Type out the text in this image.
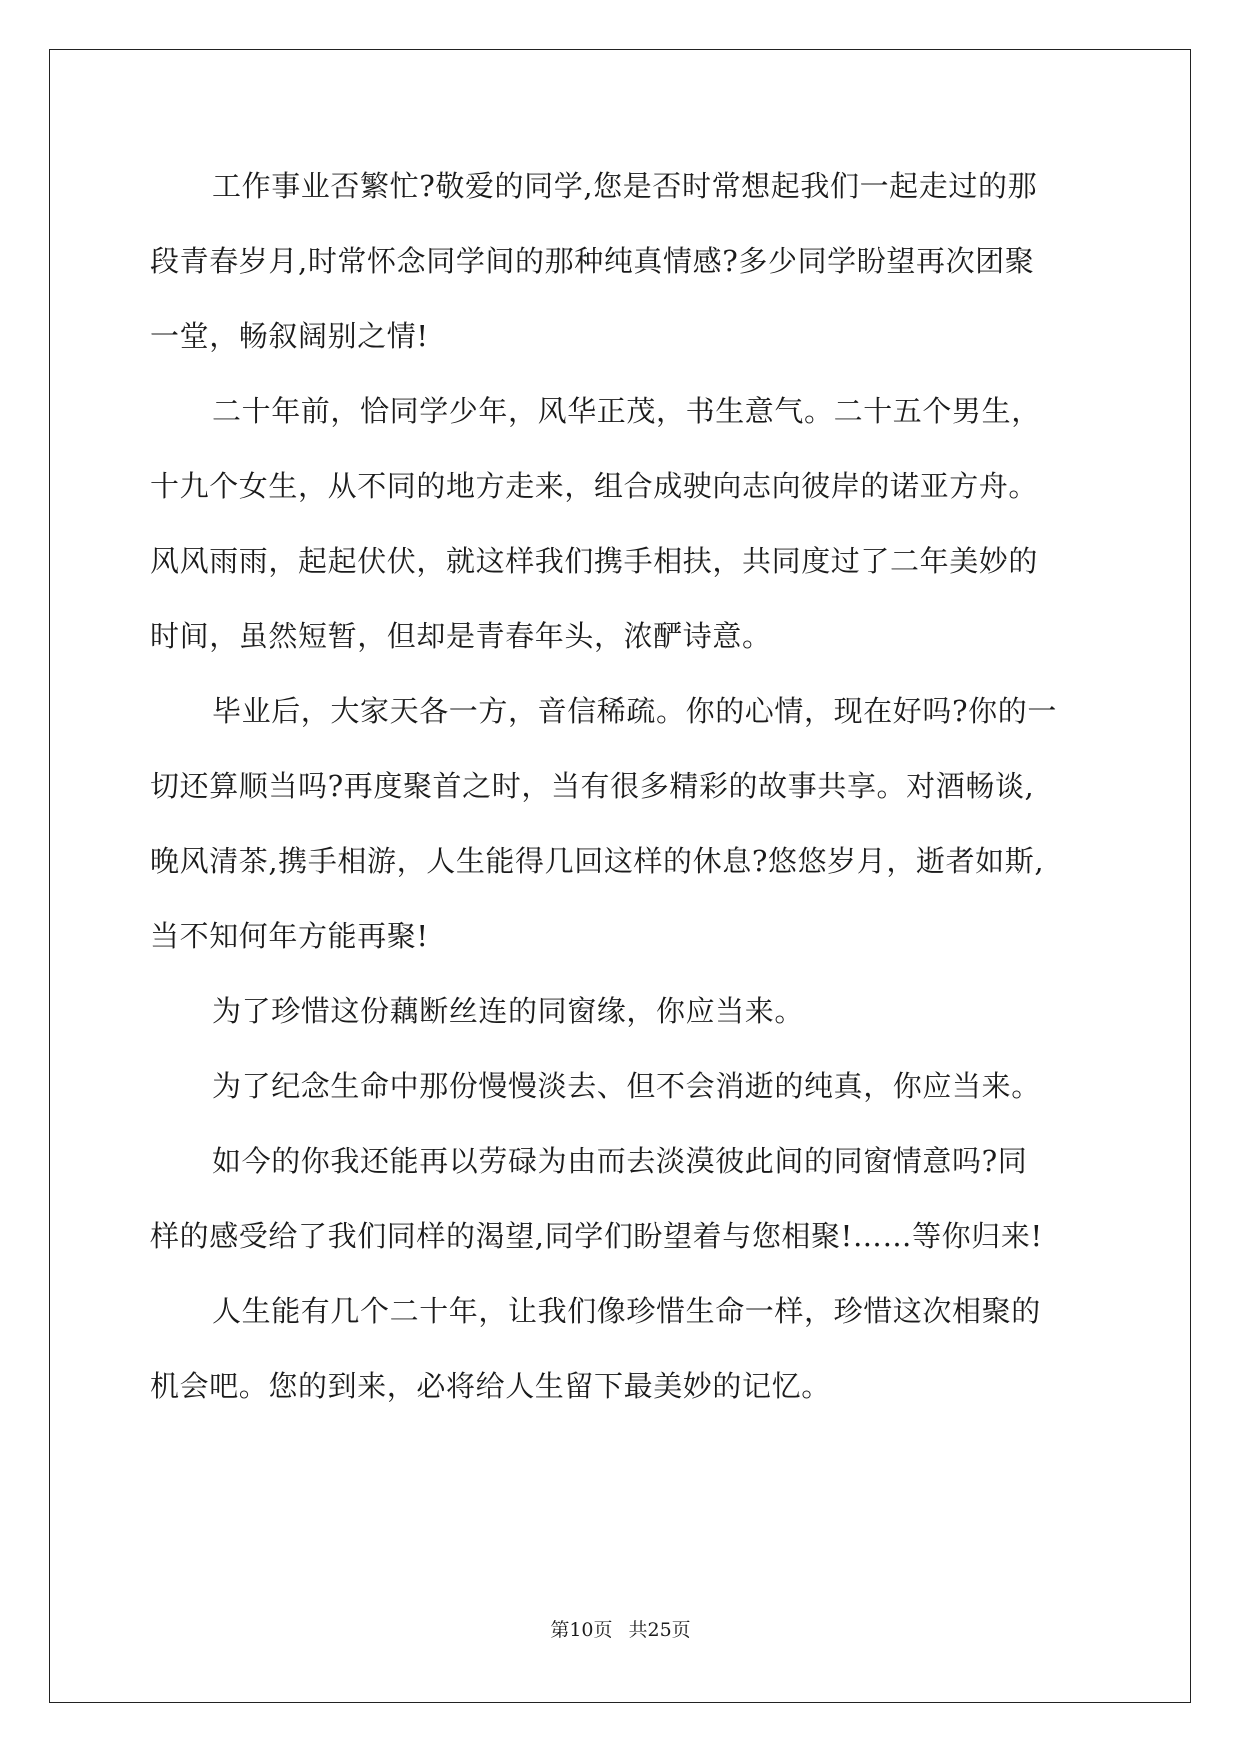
工作事业否繁忙?敬爱的同学,您是否时常想起我们一起走过的那
段青春岁月,时常怀念同学间的那种纯真情感?多少同学盼望再次团聚
一堂，畅叙阔别之情!
二十年前，恰同学少年，风华正茂，书生意气。二十五个男生，
十九个女生，从不同的地方走来，组合成驶向志向彼岸的诺亚方舟。
风风雨雨，起起伏伏，就这样我们携手相扶，共同度过了二年美妙的
时间，虽然短暂，但却是青春年头，浓酽诗意。
毕业后，大家天各一方，音信稀疏。你的心情，现在好吗?你的一
切还算顺当吗?再度聚首之时，当有很多精彩的故事共享。对酒畅谈,
晚风清茶,携手相游，人生能得几回这样的休息?悠悠岁月，逝者如斯,
当不知何年方能再聚!
为了珍惜这份藕断丝连的同窗缘，你应当来。
为了纪念生命中那份慢慢淡去、但不会消逝的纯真，你应当来。
如今的你我还能再以劳碌为由而去淡漠彼此间的同窗情意吗?同
样的感受给了我们同样的渴望,同学们盼望着与您相聚!……等你归来!
人生能有几个二十年，让我们像珍惜生命一样，珍惜这次相聚的
机会吧。您的到来，必将给人生留下最美妙的记忆。
第10页 共25页
